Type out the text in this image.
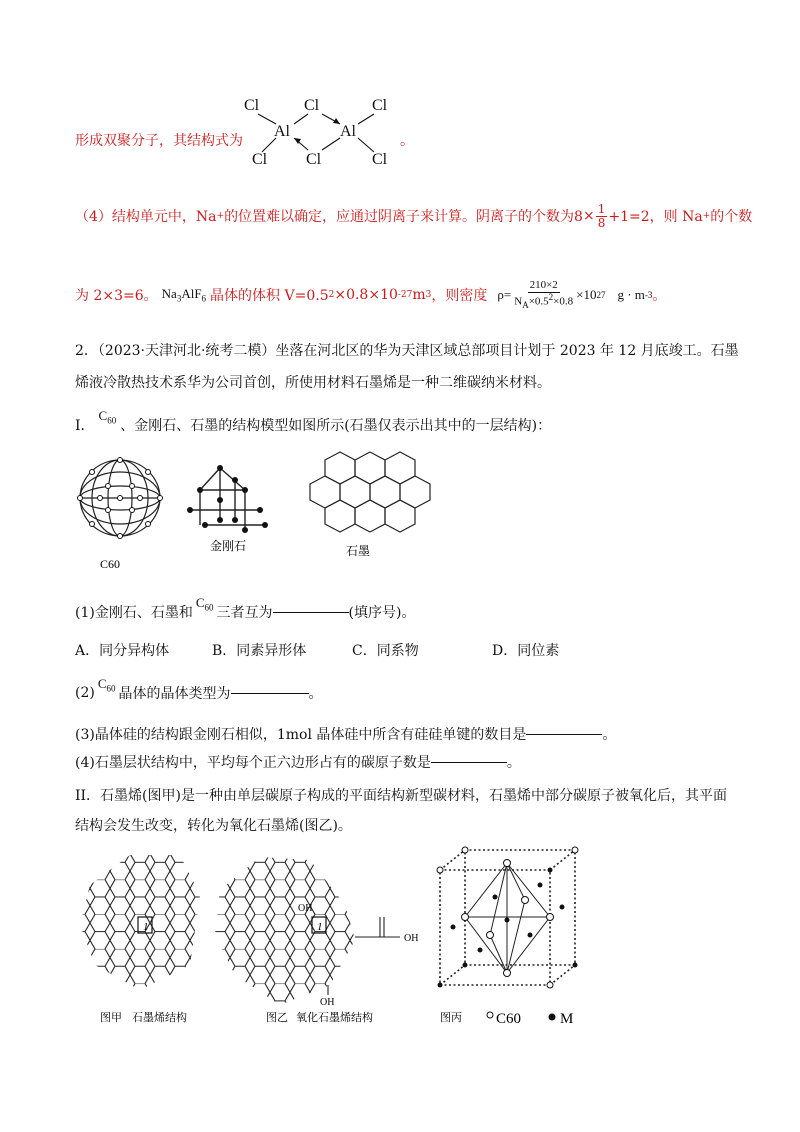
形成双聚分子，其结构式为
Cl	Cl	Cl
Al	Al
Cl Cl	Cl
。
（4）结构单元中，Na + 的位置难以确定，应通过阴离子来计算。阴离子的个数为$8 \times \frac{1}{8} +1=2$，则 Na + 的个数
为 2×3=6。 $Na_3AlF_6$ 晶体的体积 V=0.5 2 ×0.8×10 -27 m 3 ，则密度 $\rho= \frac{210\times 2}{N_A\times 0.5^2\times 0.8} \times 10$ 27 g · m -3 。
2．（2023·天津河北·统考二模）坐落在河北区的华为天津区域总部项目计划于 2023 年 12 月底竣工。石墨
烯液冷散热技术系华为公司首创，所使用材料石墨烯是一种二维碳纳米材料。
I．
$C_{60}$ 、金刚石、石墨的结构模型如图所示(石墨仅表示出其中的一层结构)：
C60
金刚石	石墨
(1)金刚石、石墨和
$C_{60}$ 三者互为	(填序号)。
A．同分异构体	B．同素异形体	C．同系物	D．同位素
(2)
$C_{60}$ 晶体的晶体类型为	。
(3)晶体硅的结构跟金刚石相似，1mol 晶体硅中所含有硅硅单键的数目是	。
(4)石墨层状结构中，平均每个正六边形占有的碳原子数是	。
II．石墨烯(图甲)是一种由单层碳原子构成的平面结构新型碳材料，石墨烯中部分碳原子被氧化后，其平面
结构会发生改变，转化为氧化石墨烯(图乙)。
1
图甲 石墨烯结构
1
OH
OH
OH
图乙 氧化石墨烯结构	图丙 C60	M
